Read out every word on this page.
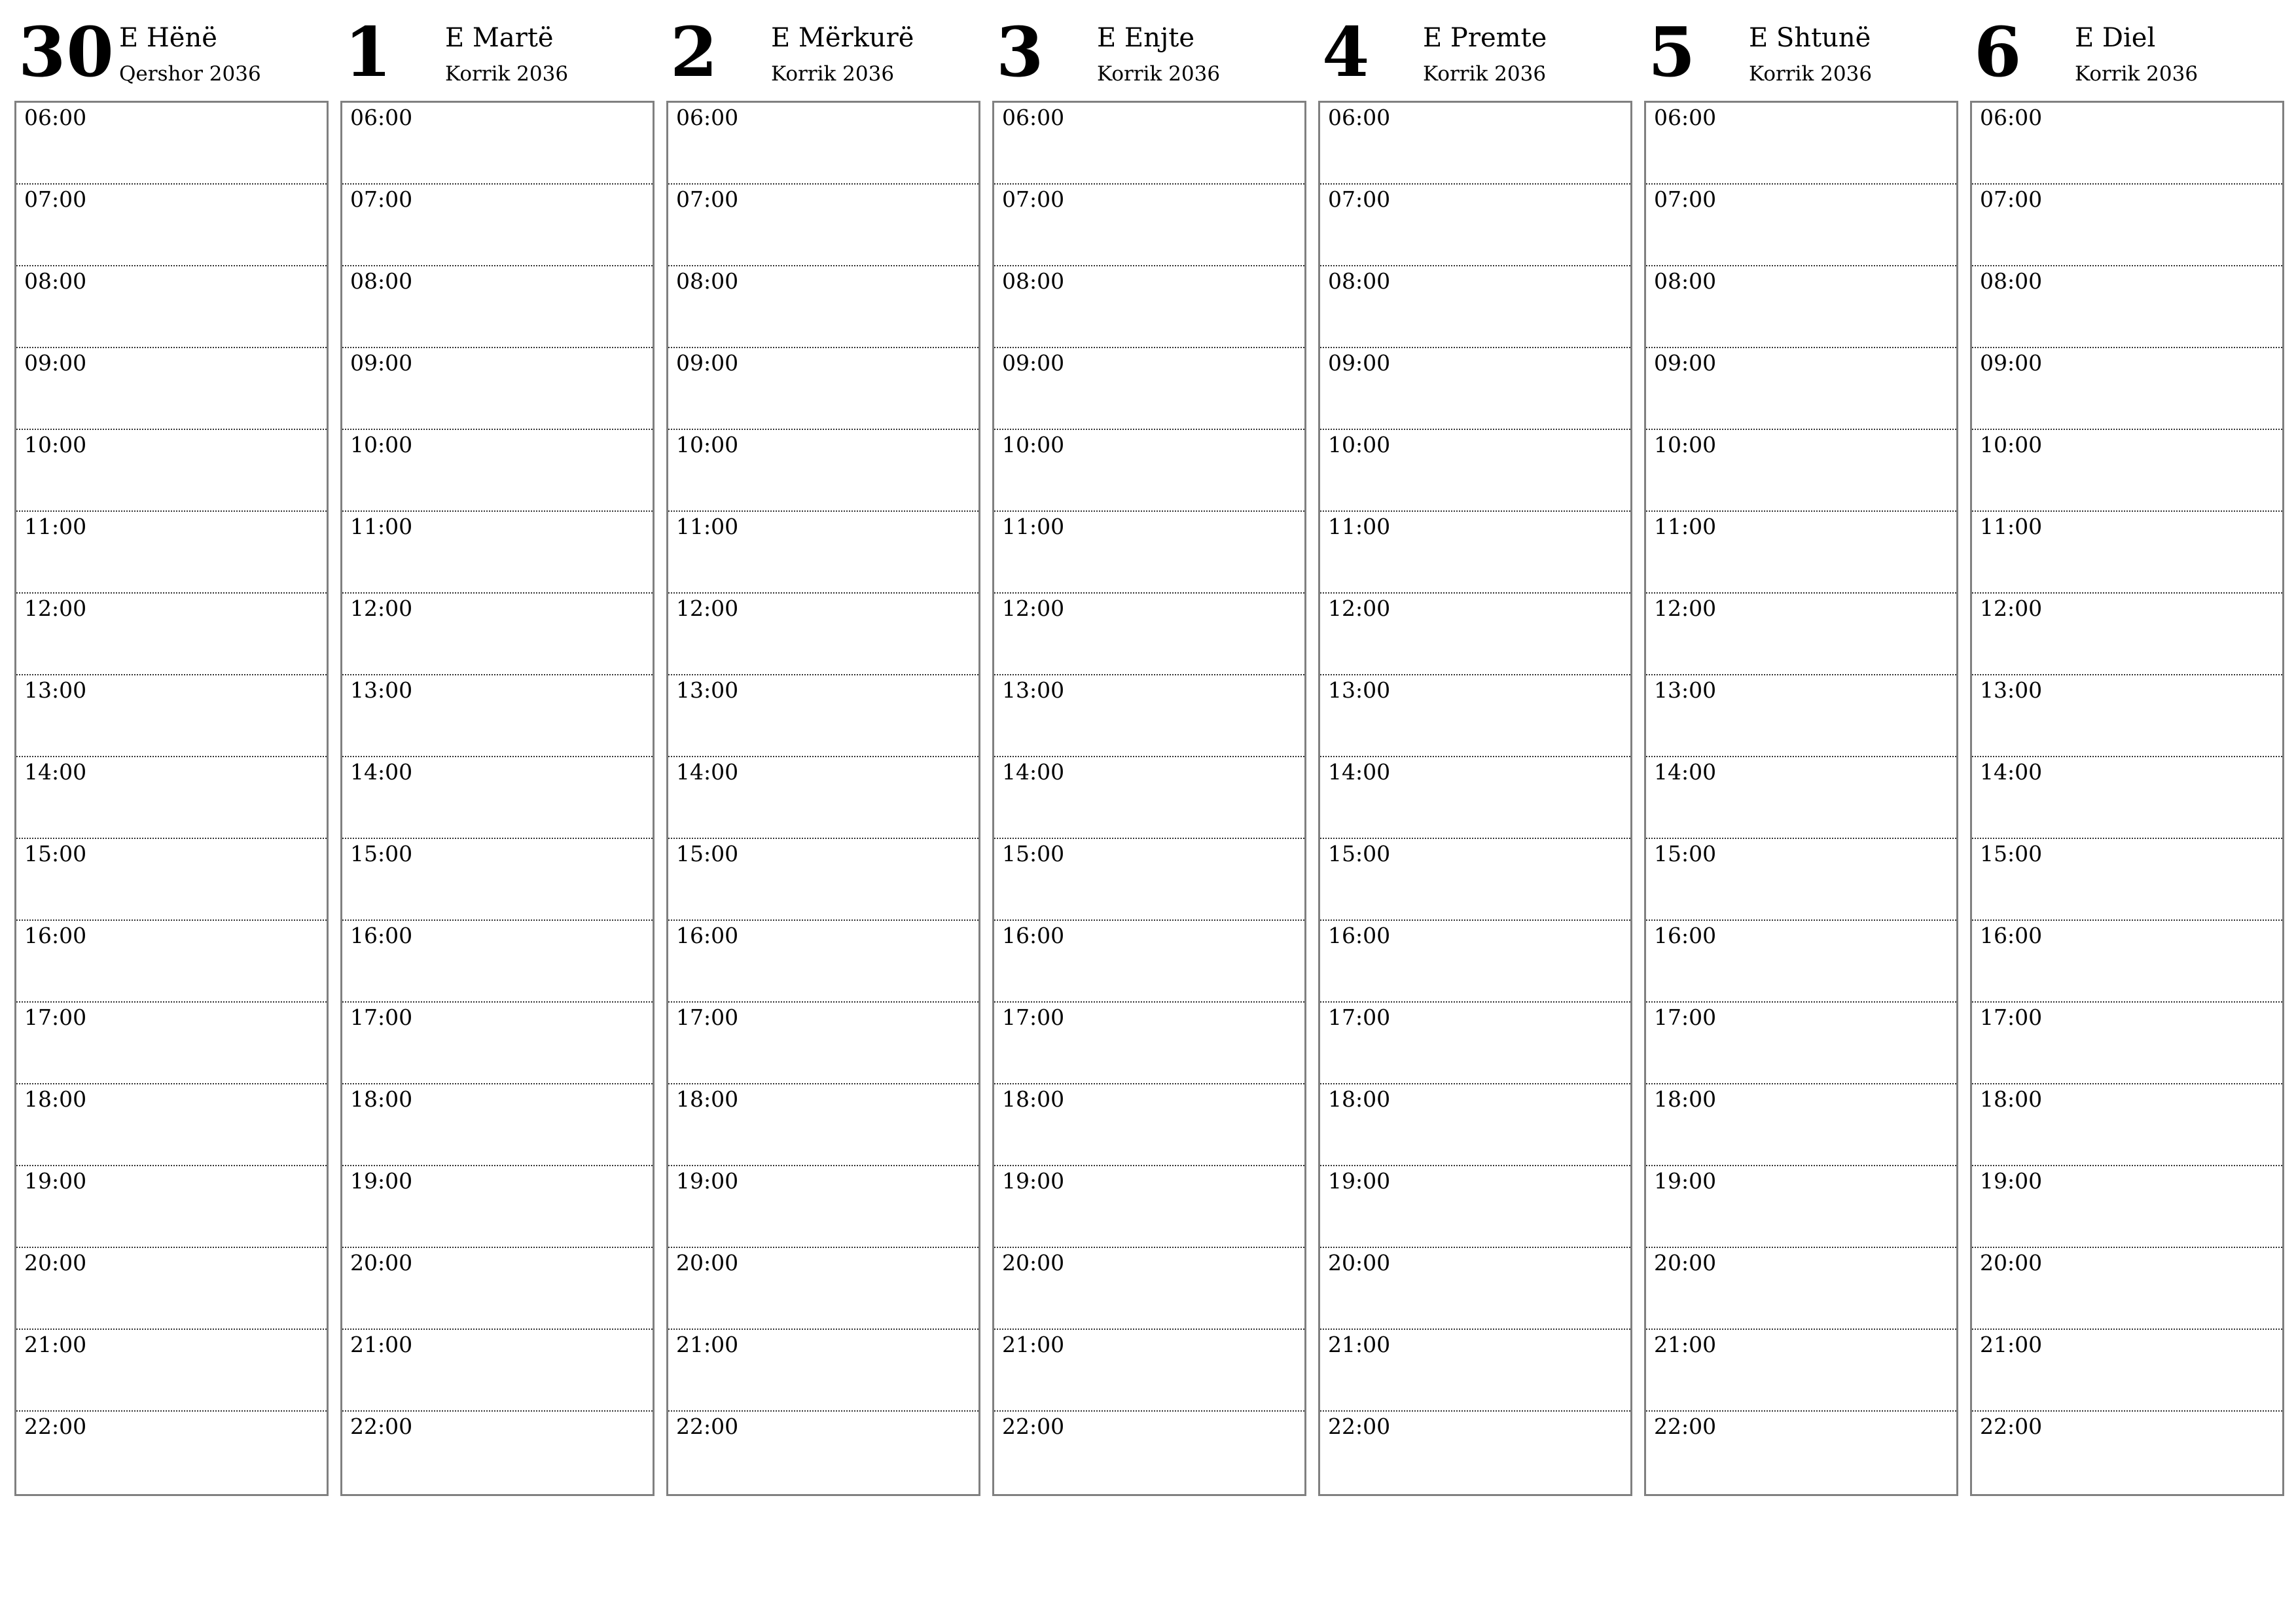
30 E Hënë
Qershor 2036
06:00
07:00
08:00
09:00
10:00
11:00
12:00
13:00
14:00
15:00
16:00
17:00
18:00
19:00
20:00
21:00
22:00
1 E Martë
Korrik 2036
06:00
07:00
08:00
09:00
10:00
11:00
12:00
13:00
14:00
15:00
16:00
17:00
18:00
19:00
20:00
21:00
22:00
2 E Mërkurë
Korrik 2036
06:00
07:00
08:00
09:00
10:00
11:00
12:00
13:00
14:00
15:00
16:00
17:00
18:00
19:00
20:00
21:00
22:00
3 E Enjte
Korrik 2036
06:00
07:00
08:00
09:00
10:00
11:00
12:00
13:00
14:00
15:00
16:00
17:00
18:00
19:00
20:00
21:00
22:00
4 E Premte
Korrik 2036
06:00
07:00
08:00
09:00
10:00
11:00
12:00
13:00
14:00
15:00
16:00
17:00
18:00
19:00
20:00
21:00
22:00
5 E Shtunë
Korrik 2036
06:00
07:00
08:00
09:00
10:00
11:00
12:00
13:00
14:00
15:00
16:00
17:00
18:00
19:00
20:00
21:00
22:00
6 E Diel
Korrik 2036
06:00
07:00
08:00
09:00
10:00
11:00
12:00
13:00
14:00
15:00
16:00
17:00
18:00
19:00
20:00
21:00
22:00
